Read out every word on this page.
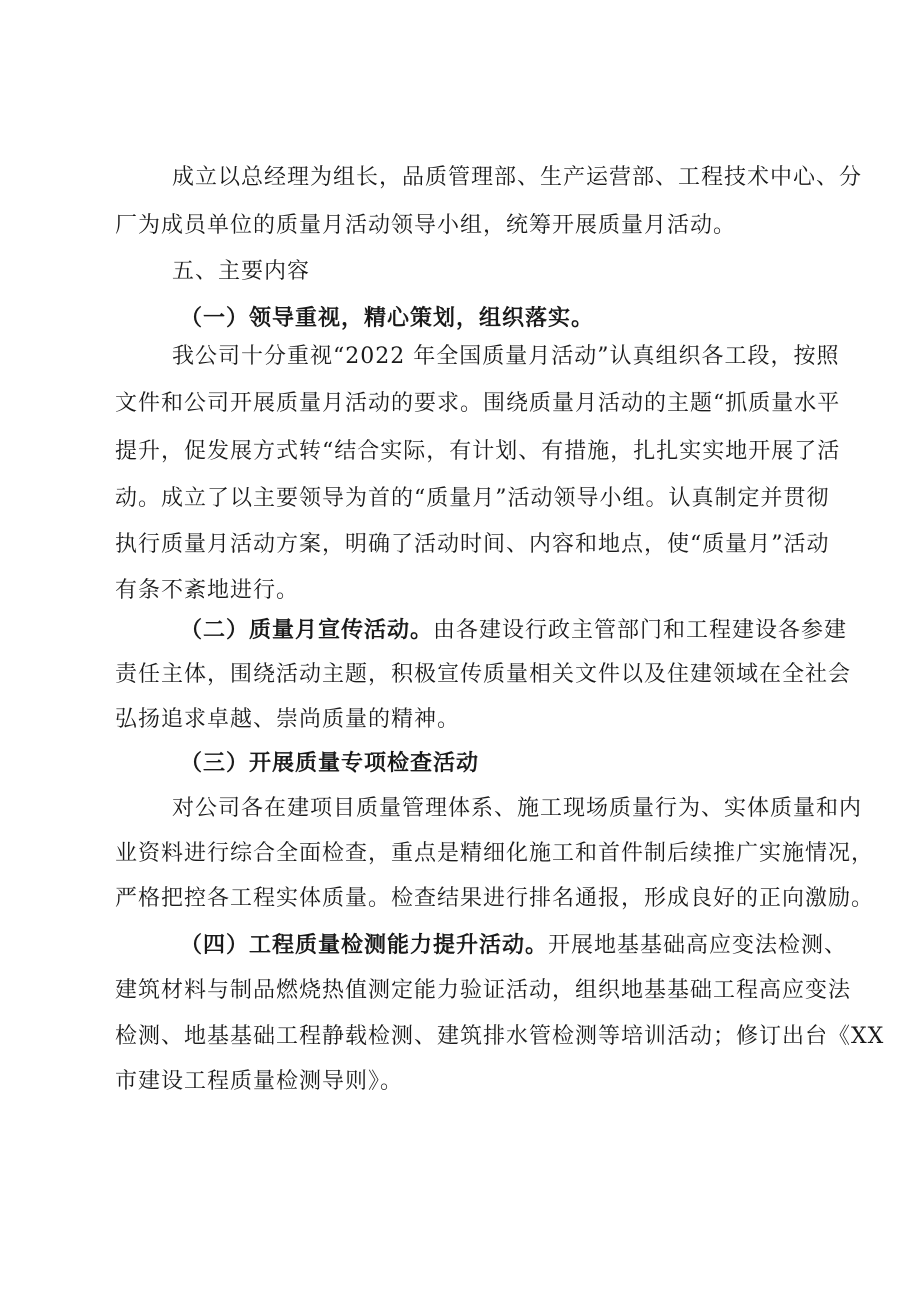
成立以总经理为组长，品质管理部、生产运营部、工程技术中心、分
厂为成员单位的质量月活动领导小组，统筹开展质量月活动。
五、主要内容
（一）领导重视，精心策划，组织落实。
我公司十分重视“2022 年全国质量月活动”认真组织各工段，按照
文件和公司开展质量月活动的要求。围绕质量月活动的主题“抓质量水平
提升，促发展方式转“结合实际，有计划、有措施，扎扎实实地开展了活
动。成立了以主要领导为首的“质量月”活动领导小组。认真制定并贯彻
执行质量月活动方案，明确了活动时间、内容和地点，使“质量月”活动
有条不紊地进行。
（二）质量月宣传活动。由各建设行政主管部门和工程建设各参建
责任主体，围绕活动主题，积极宣传质量相关文件以及住建领域在全社会
弘扬追求卓越、崇尚质量的精神。
（三）开展质量专项检查活动
对公司各在建项目质量管理体系、施工现场质量行为、实体质量和内
业资料进行综合全面检查，重点是精细化施工和首件制后续推广实施情况，
严格把控各工程实体质量。检查结果进行排名通报，形成良好的正向激励。
（四）工程质量检测能力提升活动。开展地基基础高应变法检测、
建筑材料与制品燃烧热值测定能力验证活动，组织地基基础工程高应变法
检测、地基基础工程静载检测、建筑排水管检测等培训活动；修订出台《XX
市建设工程质量检测导则》。
